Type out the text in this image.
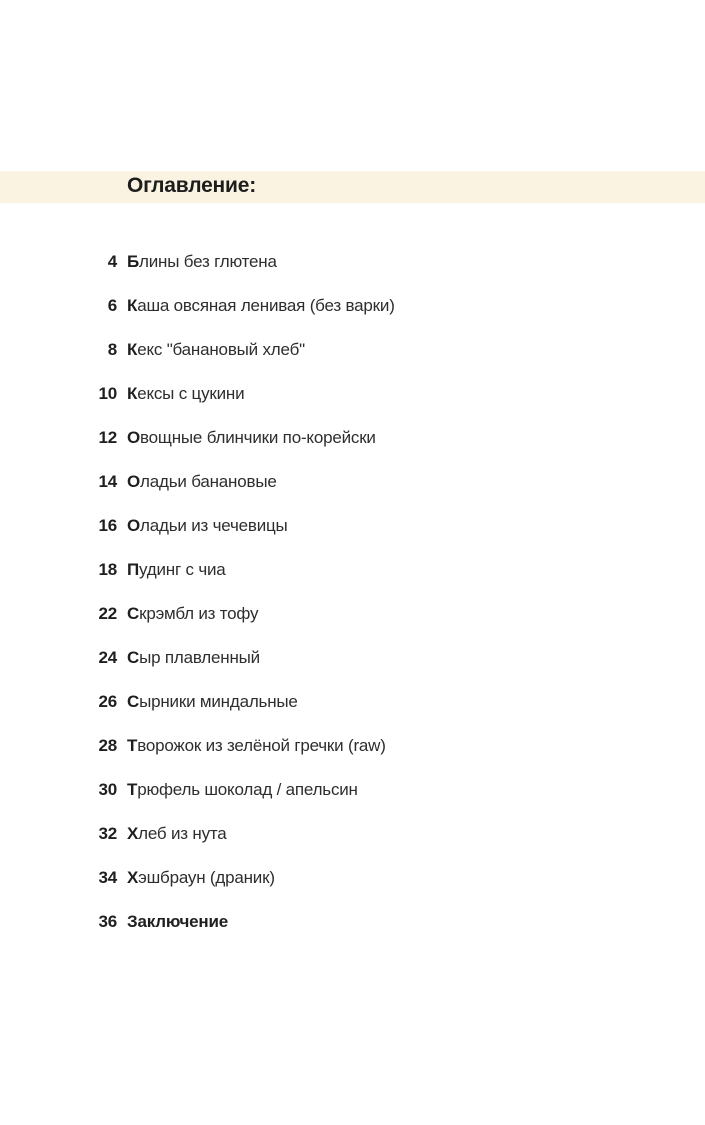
Оглавление:
4 Блины без глютена
6 Каша овсяная ленивая (без варки)
8 Кекс "банановый хлеб"
10 Кексы с цукини
12 Овощные блинчики по-корейски
14 Оладьи банановые
16 Оладьи из чечевицы
18 Пудинг с чиа
22 Скрэмбл из тофу
24 Сыр плавленный
26 Сырники миндальные
28 Творожок из зелёной гречки (raw)
30 Трюфель шоколад / апельсин
32 Хлеб из нута
34 Хэшбраун (драник)
36 Заключение
